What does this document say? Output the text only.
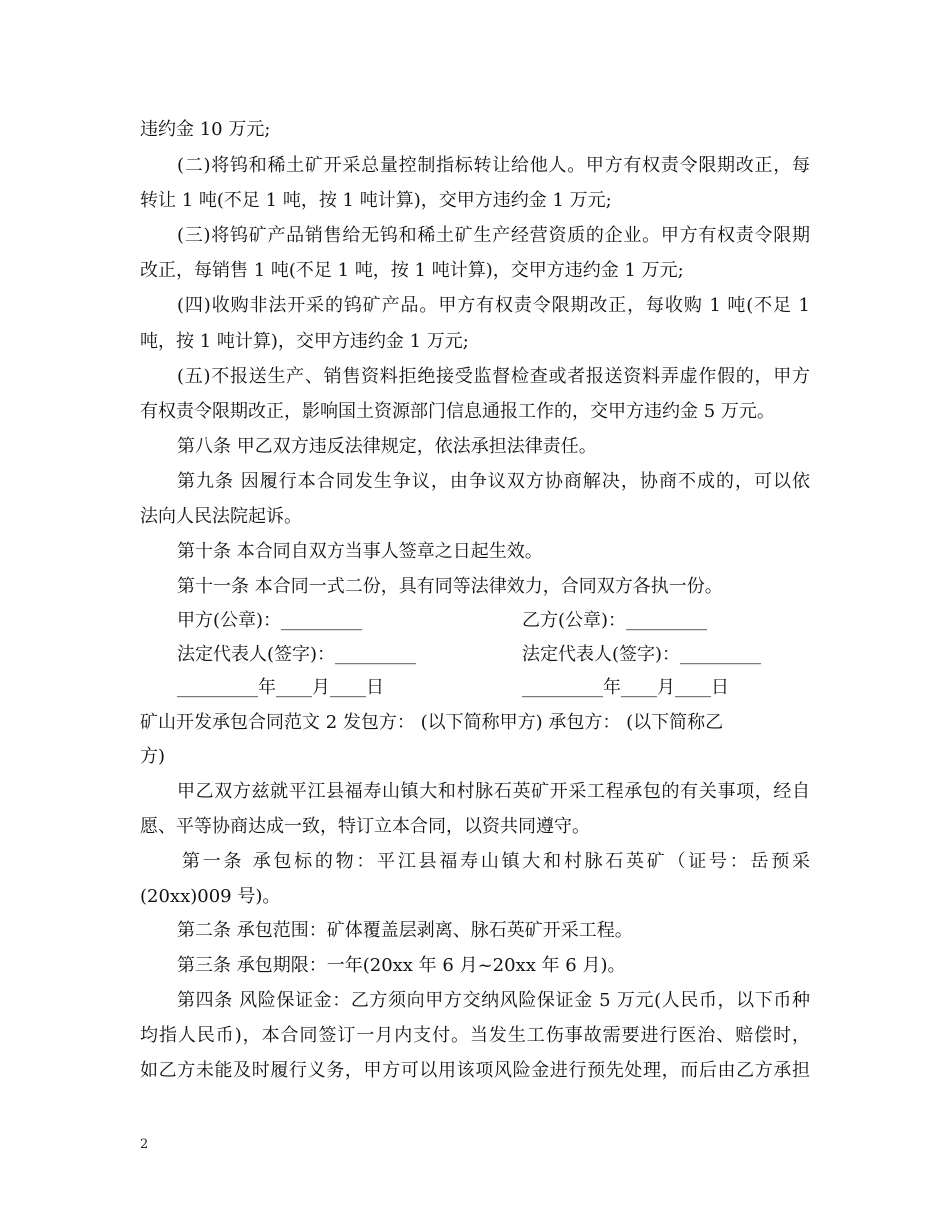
违约金 10 万元;

(二)将钨和稀土矿开采总量控制指标转让给他人。甲方有权责令限期改正，每

转让 1 吨(不足 1 吨，按 1 吨计算)，交甲方违约金 1 万元;

(三)将钨矿产品销售给无钨和稀土矿生产经营资质的企业。甲方有权责令限期

改正，每销售 1 吨(不足 1 吨，按 1 吨计算)，交甲方违约金 1 万元;

(四)收购非法开采的钨矿产品。甲方有权责令限期改正，每收购 1 吨(不足 1

吨，按 1 吨计算)，交甲方违约金 1 万元;

(五)不报送生产、销售资料拒绝接受监督检查或者报送资料弄虚作假的，甲方

有权责令限期改正，影响国土资源部门信息通报工作的，交甲方违约金 5 万元。

第八条 甲乙双方违反法律规定，依法承担法律责任。

第九条 因履行本合同发生争议，由争议双方协商解决，协商不成的，可以依

法向人民法院起诉。

第十条 本合同自双方当事人签章之日起生效。

第十一条 本合同一式二份，具有同等法律效力，合同双方各执一份。

甲方(公章)：_________	乙方(公章)：_________

法定代表人(签字)：_________	法定代表人(签字)：_________

_________年____月____日	_________年____月____日

矿山开发承包合同范文 2 发包方： (以下简称甲方) 承包方： (以下简称乙

方)

甲乙双方兹就平江县福寿山镇大和村脉石英矿开采工程承包的有关事项，经自

愿、平等协商达成一致，特订立本合同，以资共同遵守。

第一条 承包标的物：平江县福寿山镇大和村脉石英矿（证号：岳预采

(20xx)009 号)。

第二条 承包范围：矿体覆盖层剥离、脉石英矿开采工程。

第三条 承包期限：一年(20xx 年 6 月~20xx 年 6 月)。

第四条 风险保证金：乙方须向甲方交纳风险保证金 5 万元(人民币，以下币种

均指人民币)，本合同签订一月内支付。当发生工伤事故需要进行医治、赔偿时，

如乙方未能及时履行义务，甲方可以用该项风险金进行预先处理，而后由乙方承担

2
